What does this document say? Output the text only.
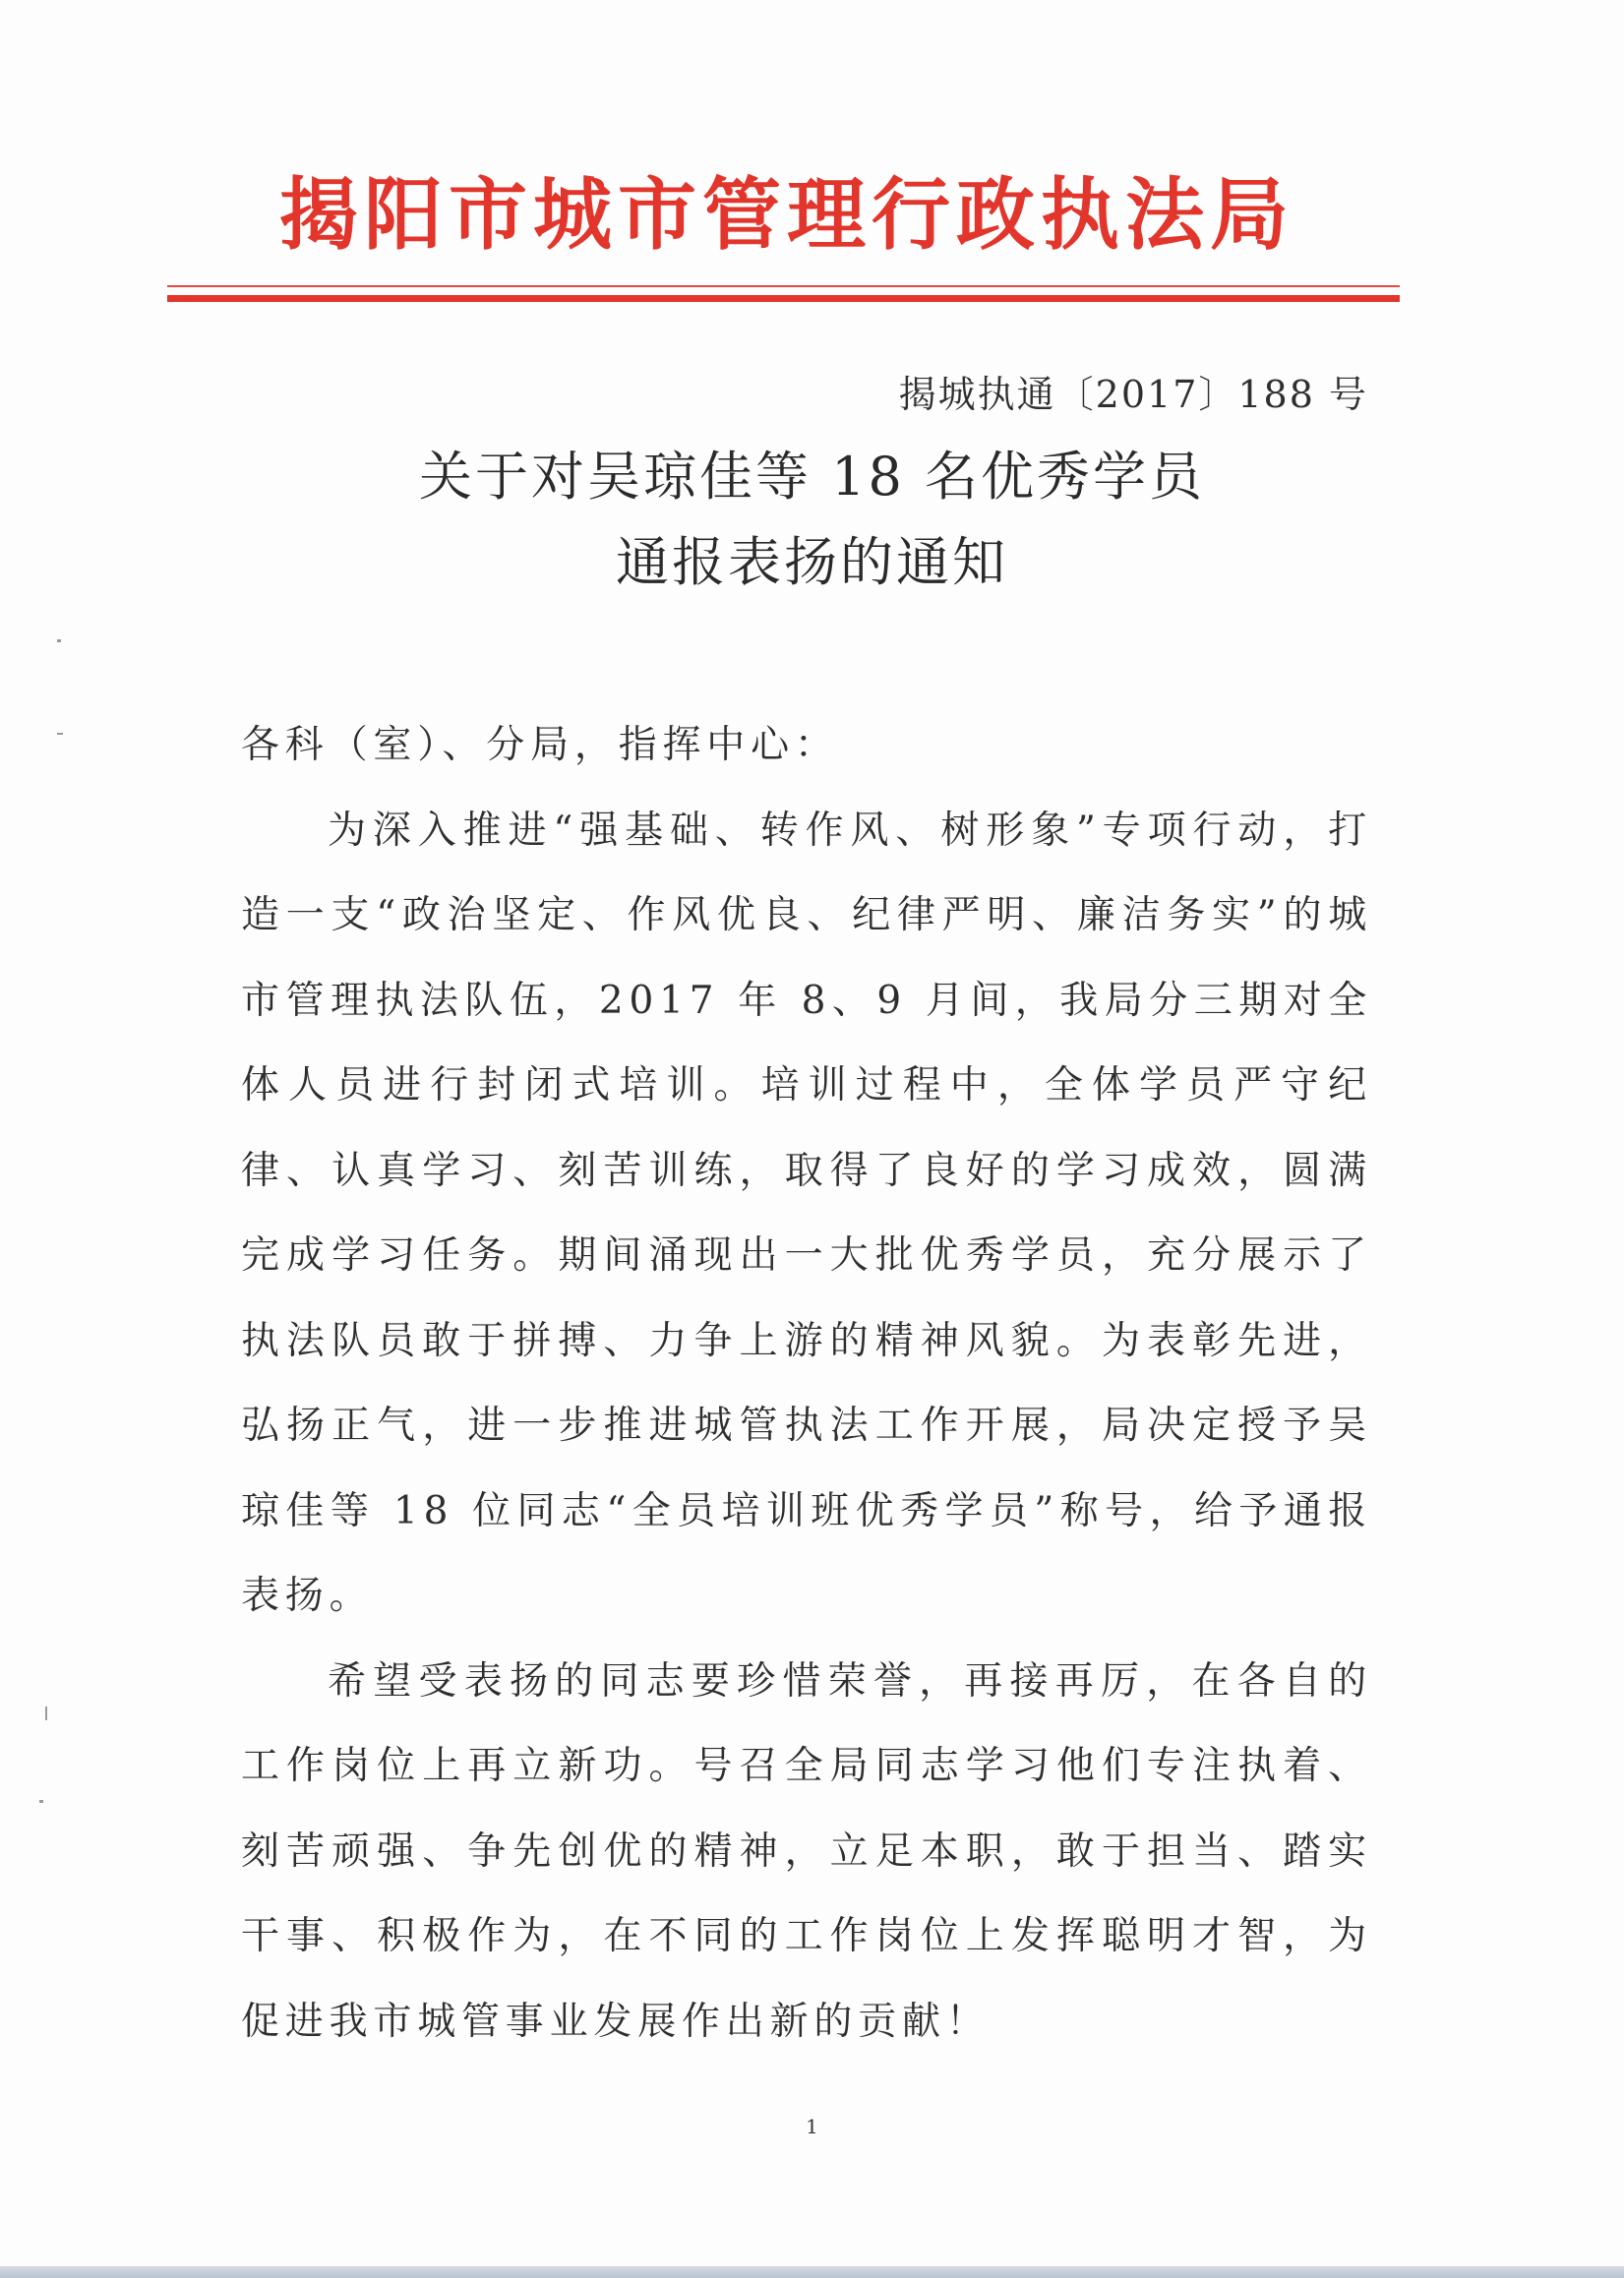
揭阳市城市管理行政执法局
揭城执通〔2017〕188 号
关于对吴琼佳等 18 名优秀学员
通报表扬的通知

各科（室）、分局，指挥中心：

为深入推进“强基础、转作风、树形象”专项行动，打造一支“政治坚定、作风优良、纪律严明、廉洁务实”的城市管理执法队伍，2017 年 8、9 月间，我局分三期对全体人员进行封闭式培训。培训过程中，全体学员严守纪律、认真学习、刻苦训练，取得了良好的学习成效，圆满完成学习任务。期间涌现出一大批优秀学员，充分展示了执法队员敢于拼搏、力争上游的精神风貌。为表彰先进，弘扬正气，进一步推进城管执法工作开展，局决定授予吴琼佳等 18 位同志“全员培训班优秀学员”称号，给予通报表扬。

希望受表扬的同志要珍惜荣誉，再接再厉，在各自的工作岗位上再立新功。号召全局同志学习他们专注执着、刻苦顽强、争先创优的精神，立足本职，敢于担当、踏实干事、积极作为，在不同的工作岗位上发挥聪明才智，为促进我市城管事业发展作出新的贡献！

1
